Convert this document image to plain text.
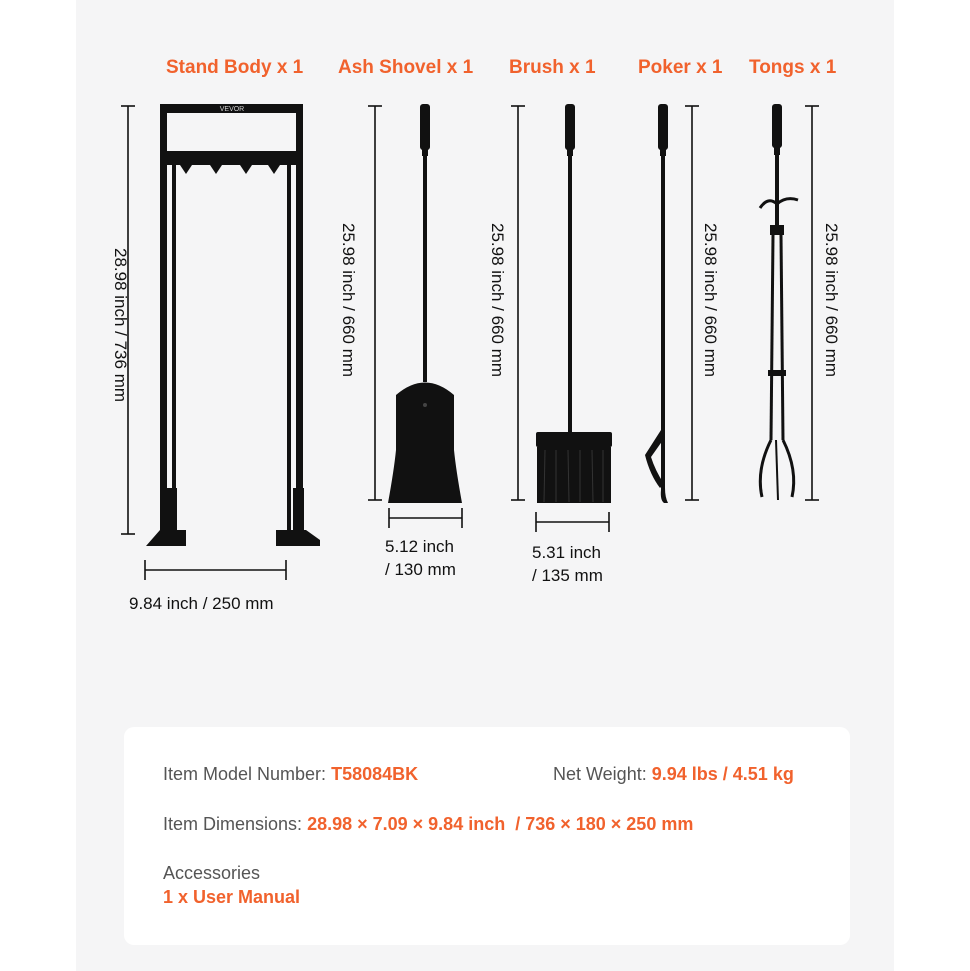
Stand Body x 1 Ash Shovel x 1 Brush x 1 Poker x 1 Tongs x 1
VEVOR
28.98 inch / 736 mm	25.98 inch / 660 mm	25.98 inch / 660 mm	25.98 inch / 660 mm	25.98 inch / 660 mm
9.84 inch / 250 mm
5.12 inch
/ 130 mm
5.31 inch
/ 135 mm
Item Model Number: T58084BK	Net Weight: 9.94 lbs / 4.51 kg
Item Dimensions: 28.98 × 7.09 × 9.84 inch  / 736 × 180 × 250 mm
Accessories
1 x User Manual
